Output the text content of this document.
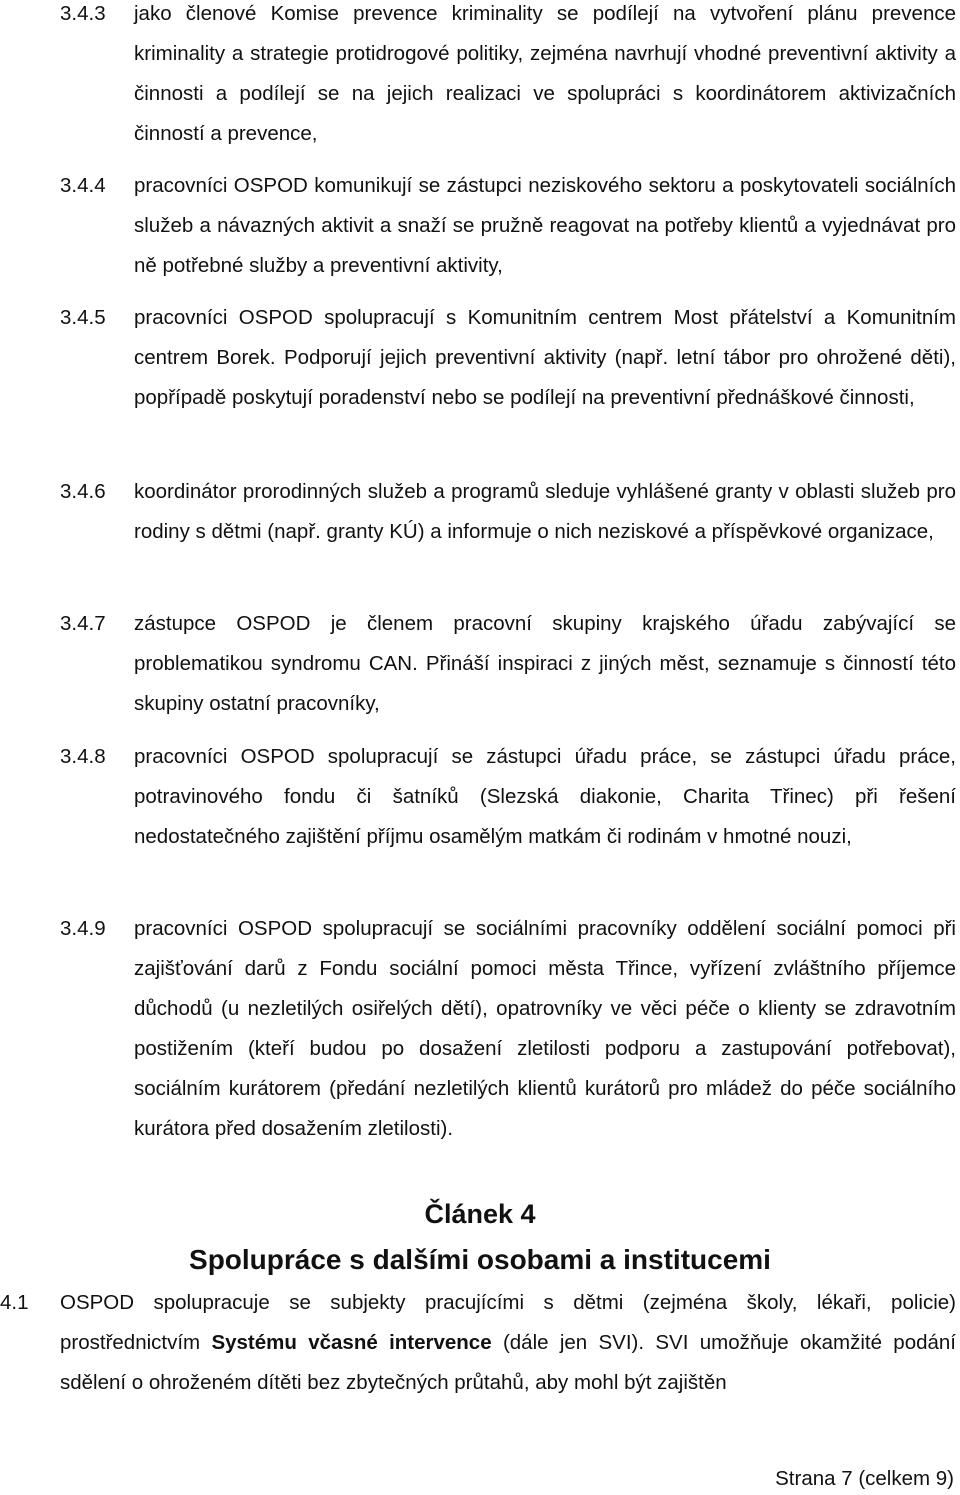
3.4.3	jako členové Komise prevence kriminality se podílejí na vytvoření plánu prevence kriminality a strategie protidrogové politiky, zejména navrhují vhodné preventivní aktivity a činnosti a podílejí se na jejich realizaci ve spolupráci s koordinátorem aktivizačních činností a prevence,
3.4.4	pracovníci OSPOD komunikují se zástupci neziskového sektoru a poskytovateli sociálních služeb a návazných aktivit a snaží se pružně reagovat na potřeby klientů a vyjednávat pro ně potřebné služby a preventivní aktivity,
3.4.5	pracovníci OSPOD spolupracují s Komunitním centrem Most přátelství a Komunitním centrem Borek. Podporují jejich preventivní aktivity (např. letní tábor pro ohrožené děti), popřípadě poskytují poradenství nebo se podílejí na preventivní přednáškové činnosti,
3.4.6	koordinátor prorodinných služeb a programů sleduje vyhlášené granty v oblasti služeb pro rodiny s dětmi (např. granty KÚ) a informuje o nich neziskové a příspěvkové organizace,
3.4.7	zástupce OSPOD je členem pracovní skupiny krajského úřadu zabývající se problematikou syndromu CAN. Přináší inspiraci z jiných měst, seznamuje s činností této skupiny ostatní pracovníky,
3.4.8	pracovníci OSPOD spolupracují se zástupci úřadu práce, se zástupci úřadu práce, potravinového fondu či šatníků (Slezská diakonie, Charita Třinec) při řešení nedostatečného zajištění příjmu osamělým matkám či rodinám v hmotné nouzi,
3.4.9	pracovníci OSPOD spolupracují se sociálními pracovníky oddělení sociální pomoci při zajišťování darů z Fondu sociální pomoci města Třince, vyřízení zvláštního příjemce důchodů (u nezletilých osiřelých dětí), opatrovníky ve věci péče o klienty se zdravotním postižením (kteří budou po dosažení zletilosti podporu a zastupování potřebovat), sociálním kurátorem (předání nezletilých klientů kurátorů pro mládež do péče sociálního kurátora před dosažením zletilosti).
Článek 4
Spolupráce s dalšími osobami a institucemi
4.1	OSPOD spolupracuje se subjekty pracujícími s dětmi (zejména školy, lékaři, policie) prostřednictvím Systému včasné intervence (dále jen SVI). SVI umožňuje okamžité podání sdělení o ohroženém dítěti bez zbytečných průtahů, aby mohl být zajištěn
Strana 7 (celkem 9)
